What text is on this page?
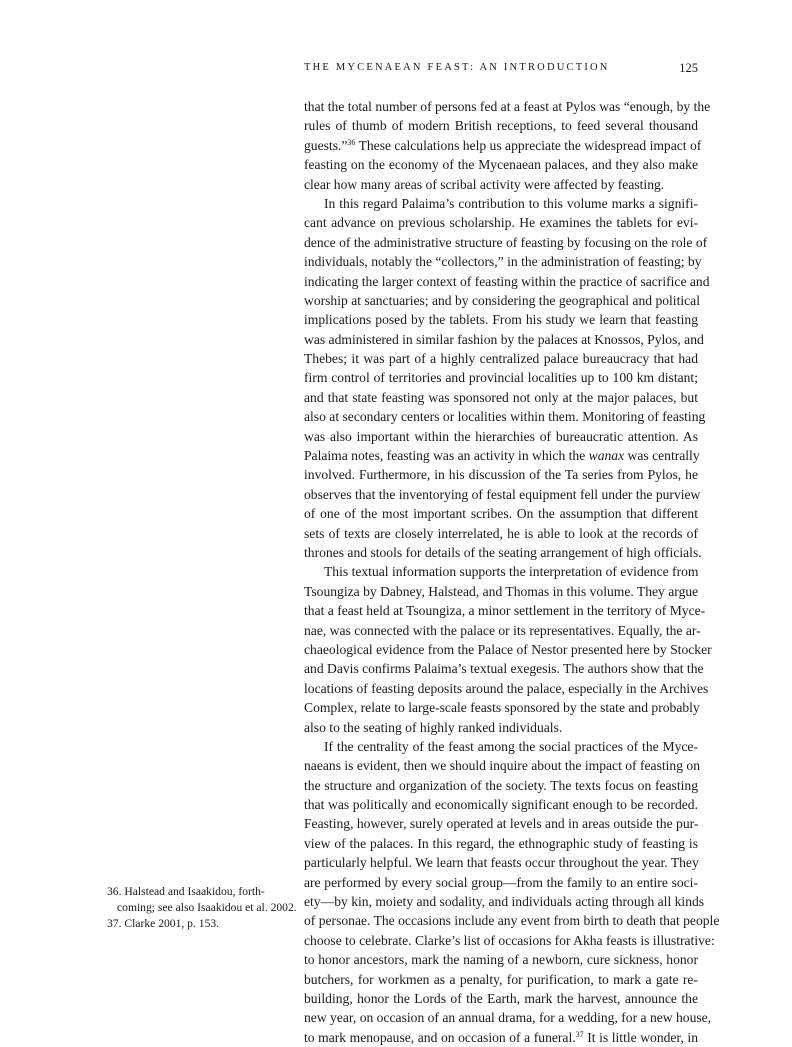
THE MYCENAEAN FEAST: AN INTRODUCTION	125
that the total number of persons fed at a feast at Pylos was “enough, by the
rules of thumb of modern British receptions, to feed several thousand
guests.”$^{36}$ These calculations help us appreciate the widespread impact of
feasting on the economy of the Mycenaean palaces, and they also make
clear how many areas of scribal activity were affected by feasting.
In this regard Palaima’s contribution to this volume marks a signifi-
cant advance on previous scholarship. He examines the tablets for evi-
dence of the administrative structure of feasting by focusing on the role of
individuals, notably the “collectors,” in the administration of feasting; by
indicating the larger context of feasting within the practice of sacrifice and
worship at sanctuaries; and by considering the geographical and political
implications posed by the tablets. From his study we learn that feasting
was administered in similar fashion by the palaces at Knossos, Pylos, and
Thebes; it was part of a highly centralized palace bureaucracy that had
firm control of territories and provincial localities up to 100 km distant;
and that state feasting was sponsored not only at the major palaces, but
also at secondary centers or localities within them. Monitoring of feasting
was also important within the hierarchies of bureaucratic attention. As
Palaima notes, feasting was an activity in which the wanax was centrally
involved. Furthermore, in his discussion of the Ta series from Pylos, he
observes that the inventorying of festal equipment fell under the purview
of one of the most important scribes. On the assumption that different
sets of texts are closely interrelated, he is able to look at the records of
thrones and stools for details of the seating arrangement of high officials.
This textual information supports the interpretation of evidence from
Tsoungiza by Dabney, Halstead, and Thomas in this volume. They argue
that a feast held at Tsoungiza, a minor settlement in the territory of Myce-
nae, was connected with the palace or its representatives. Equally, the ar-
chaeological evidence from the Palace of Nestor presented here by Stocker
and Davis confirms Palaima’s textual exegesis. The authors show that the
locations of feasting deposits around the palace, especially in the Archives
Complex, relate to large-scale feasts sponsored by the state and probably
also to the seating of highly ranked individuals.
If the centrality of the feast among the social practices of the Myce-
naeans is evident, then we should inquire about the impact of feasting on
the structure and organization of the society. The texts focus on feasting
that was politically and economically significant enough to be recorded.
Feasting, however, surely operated at levels and in areas outside the pur-
view of the palaces. In this regard, the ethnographic study of feasting is
particularly helpful. We learn that feasts occur throughout the year. They
are performed by every social group—from the family to an entire soci-
ety—by kin, moiety and sodality, and individuals acting through all kinds
of personae. The occasions include any event from birth to death that people
choose to celebrate. Clarke’s list of occasions for Akha feasts is illustrative:
to honor ancestors, mark the naming of a newborn, cure sickness, honor
butchers, for workmen as a penalty, for purification, to mark a gate re-
building, honor the Lords of the Earth, mark the harvest, announce the
new year, on occasion of an annual drama, for a wedding, for a new house,
to mark menopause, and on occasion of a funeral.$^{37}$ It is little wonder, in
36. Halstead and Isaakidou, forth-
coming; see also Isaakidou et al. 2002.
37. Clarke 2001, p. 153.
